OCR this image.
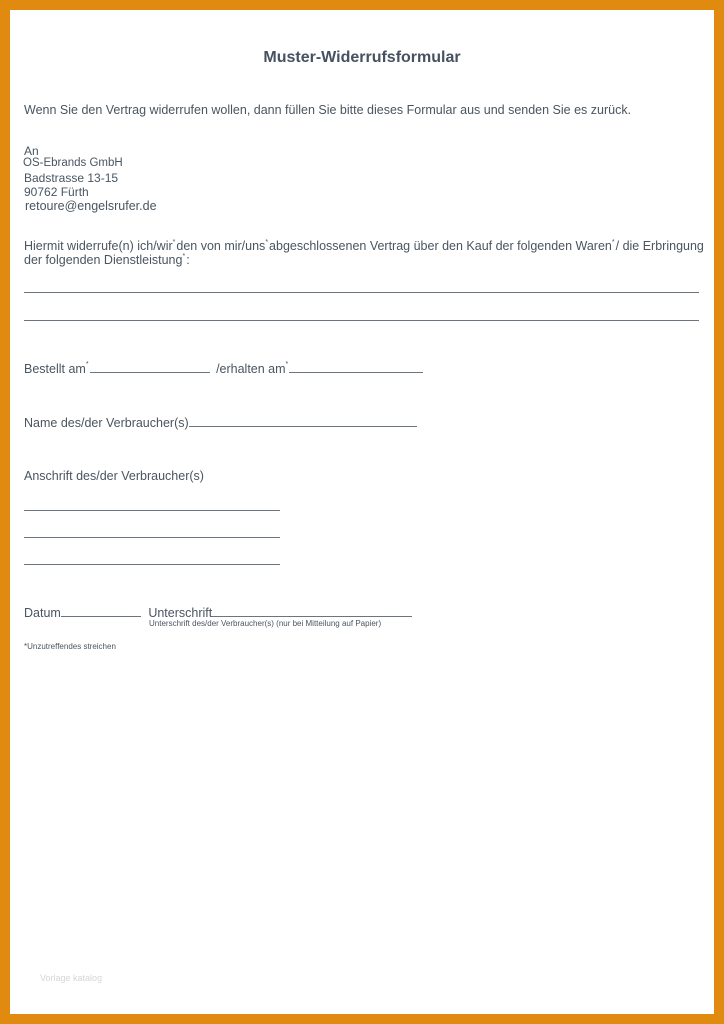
Muster-Widerrufsformular
Wenn Sie den Vertrag widerrufen wollen, dann füllen Sie bitte dieses Formular aus und senden Sie es zurück.
An
OS-Ebrands GmbH
Badstrasse 13-15
90762 Fürth
retoure@engelsrufer.de
Hiermit widerrufe(n) ich/wir*den von mir/uns*abgeschlossenen Vertrag über den Kauf der folgenden Waren*/ die Erbringung der folgenden Dienstleistung*:
Bestellt am*	/erhalten am*
Name des/der Verbraucher(s)
Anschrift des/der Verbraucher(s)
Datum	Unterschrift
Unterschrift des/der Verbraucher(s) (nur bei Mitteilung auf Papier)
*Unzutreffendes streichen
Vorlage katalog
